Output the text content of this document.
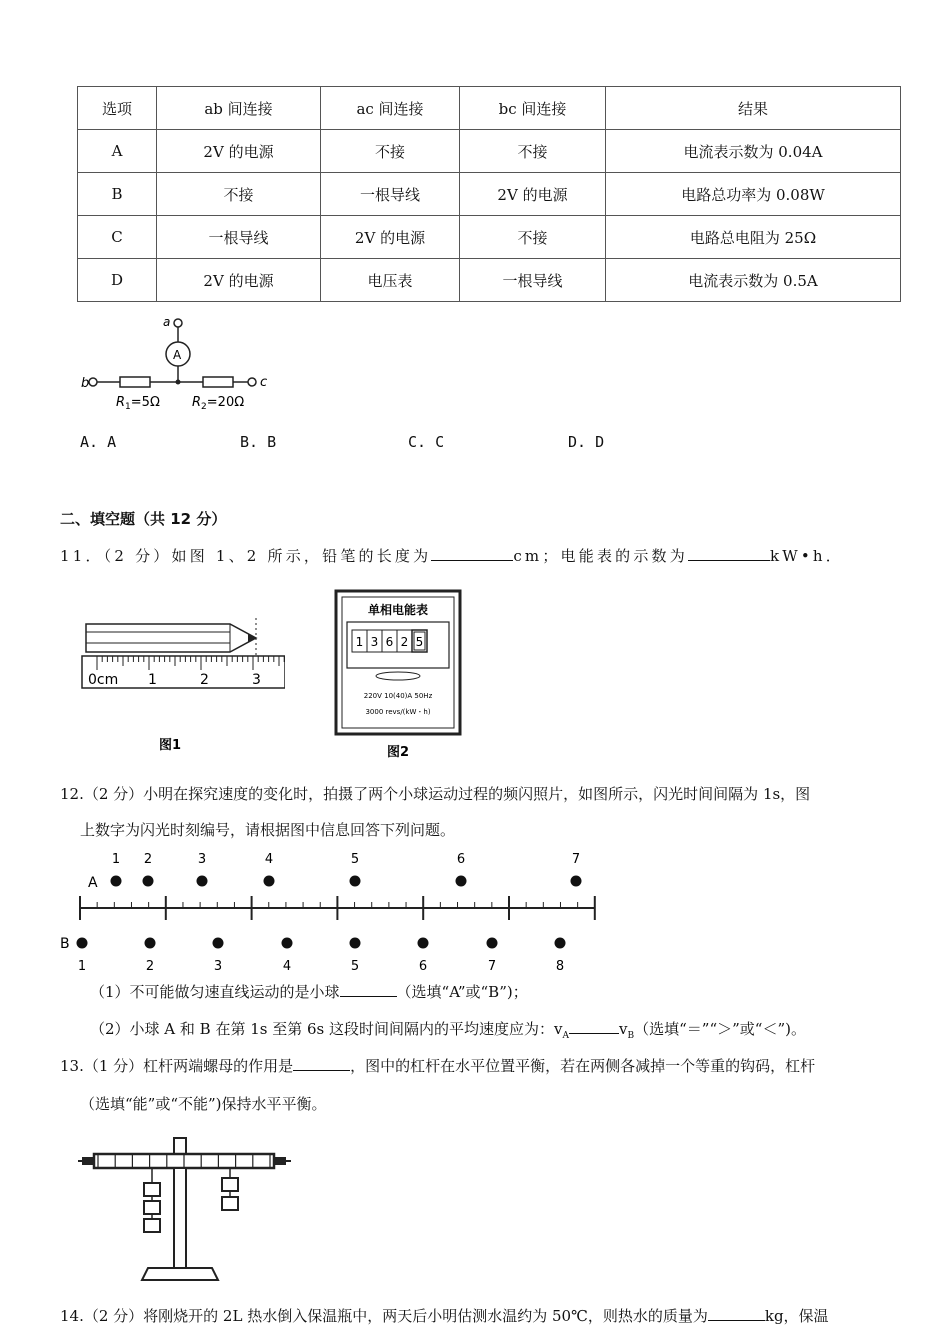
选项	ab 间连接	ac 间连接	bc 间连接	结果
A	2V 的电源	不接	不接	电流表示数为 0.04A
B	不接	一根导线	2V 的电源	电路总功率为 0.08W
C	一根导线	2V 的电源	不接	电路总电阻为 25Ω
D	2V 的电源	电压表	一根导线	电流表示数为 0.5A
a
A
b	c
$R_1=5\Omega$ $R_2=20\Omega$
A. A	B. B	C. C	D. D
二、填空题（共 12 分）
11．（2 分）如图 1、2 所示，铅笔的长度为	cm；电能表的示数为	kW•h．
0cm 1	2	3
图1
单相电能表
1 3 6 2 5
220V 10(40)A 50Hz
3000 revs/(kW・h)
图2
12.（2 分）小明在探究速度的变化时，拍摄了两个小球运动过程的频闪照片，如图所示，闪光时间间隔为 1s，图
上数字为闪光时刻编号，请根据图中信息回答下列问题。
A
B
1 2	3	4	5	6	7
1	2	3	4	5	6	7	8
（1）不可能做匀速直线运动的是小球	（选填“A”或“B”)；
（2）小球 A 和 B 在第 1s 至第 6s 这段时间间隔内的平均速度应为：$v_A$	$v_B$（选填“＝”“＞”或“＜”)。
13.（1 分）杠杆两端螺母的作用是	，图中的杠杆在水平位置平衡，若在两侧各减掉一个等重的钩码，杠杆
（选填“能”或“不能”)保持水平平衡。
14.（2 分）将刚烧开的 2L 热水倒入保温瓶中，两天后小明估测水温约为 50℃，则热水的质量为	kg，保温
